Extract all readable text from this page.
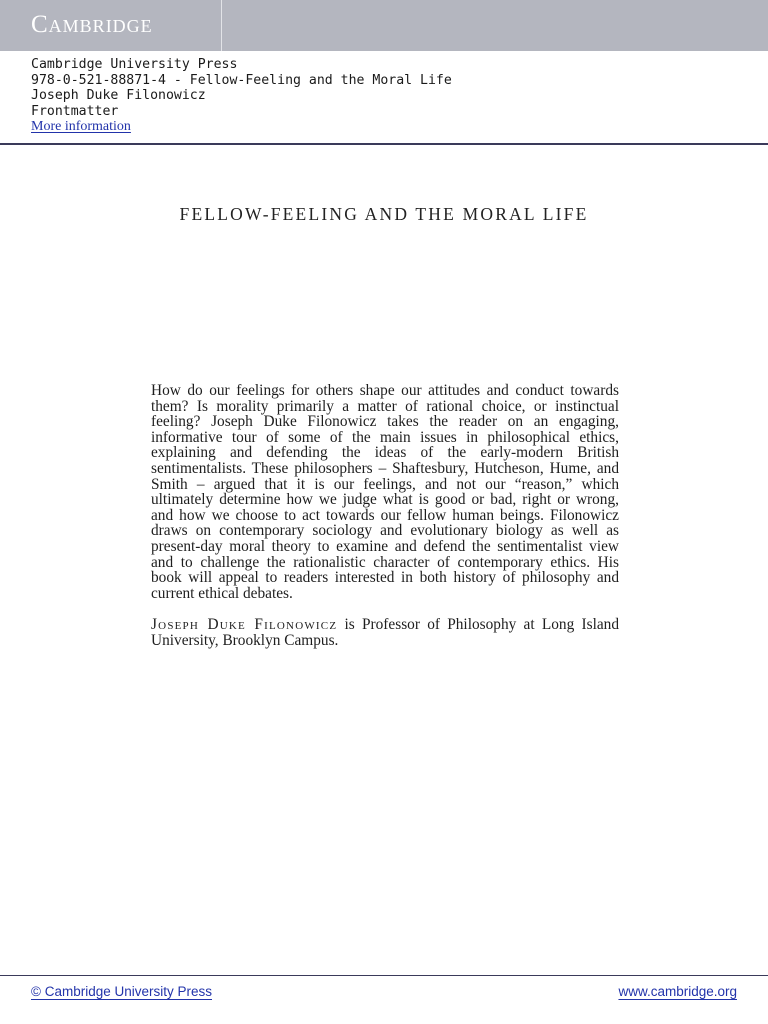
Cambridge
Cambridge University Press
978-0-521-88871-4 - Fellow-Feeling and the Moral Life
Joseph Duke Filonowicz
Frontmatter
More information
FELLOW-FEELING AND THE MORAL LIFE

How do our feelings for others shape our attitudes and conduct towards them? Is morality primarily a matter of rational choice, or instinctual feeling? Joseph Duke Filonowicz takes the reader on an engaging, informative tour of some of the main issues in philosophical ethics, explaining and defending the ideas of the early-modern British sentimentalists. These philosophers – Shaftesbury, Hutcheson, Hume, and Smith – argued that it is our feelings, and not our “reason,” which ultimately determine how we judge what is good or bad, right or wrong, and how we choose to act towards our fellow human beings. Filonowicz draws on contemporary sociology and evolutionary biology as well as present-day moral theory to examine and defend the sentimentalist view and to challenge the rationalistic character of contemporary ethics. His book will appeal to readers interested in both history of philosophy and current ethical debates.

Joseph Duke Filonowicz is Professor of Philosophy at Long Island University, Brooklyn Campus.

© Cambridge University Press	www.cambridge.org
